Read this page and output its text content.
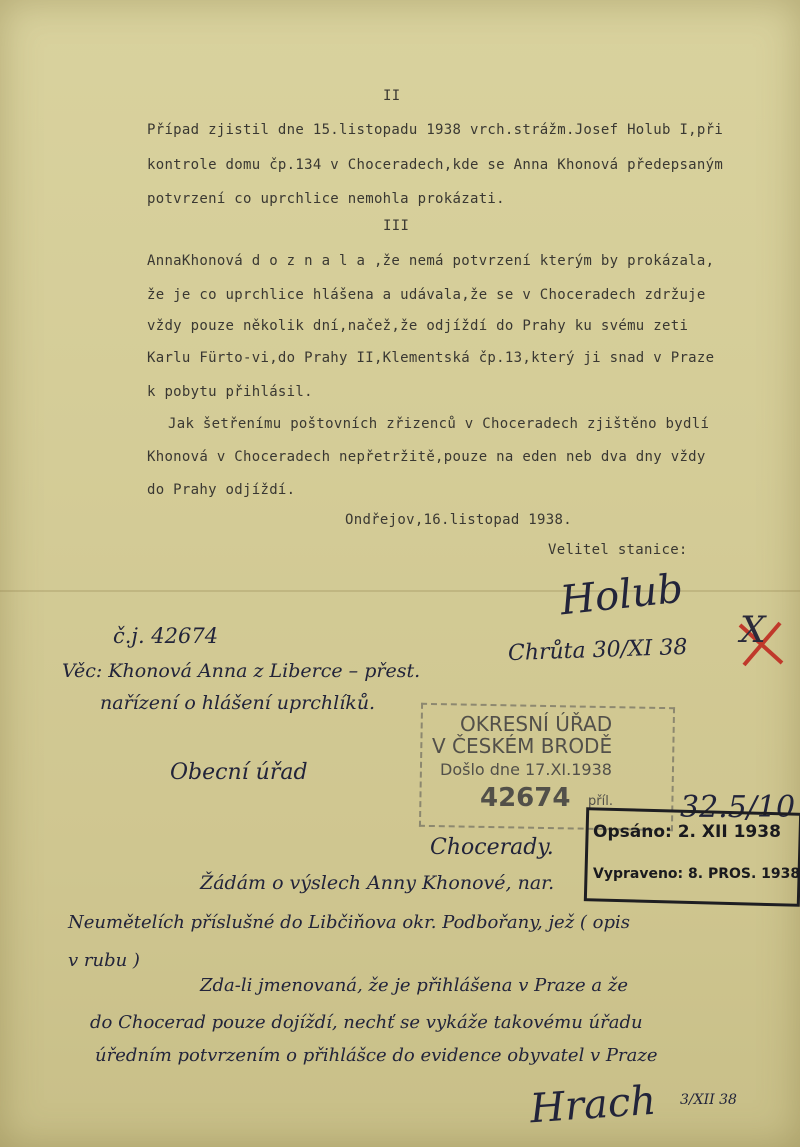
II
Případ zjistil dne 15.listopadu 1938 vrch.strážm.Josef Holub I,při
kontrole domu čp.134 v Choceradech,kde se Anna Khonová předepsaným
potvrzení co uprchlice nemohla prokázati.
III
AnnaKhonová d o z n a l a ,že nemá potvrzení kterým by prokázala,
že je co uprchlice hlášena a udávala,že se v Choceradech zdržuje
vždy pouze několik dní,načež,že odjíždí do Prahy ku svému zeti
Karlu Fürto-vi,do Prahy II,Klementská čp.13,který ji snad v Praze
k pobytu přihlásil.
Jak šetřenímu poštovních zřizenců v Choceradech zjištěno bydlí
Khonová v Choceradech nepřetržitě,pouze na eden neb dva dny vždy
do Prahy odjíždí.
Ondřejov,16.listopad 1938.
Velitel stanice:
Holub
Chrůta 30/XI 38 X
č.j. 42674
Věc: Khonová Anna z Liberce – přest.
nařízení o hlášení uprchlíků.
Obecní úřad
Chocerady.
OKRESNÍ ÚŘAD
V ČESKÉM BRODĚ
Došlo dne 17.XI.1938
42674 příl. 32.5/10
Opsáno: 2. XII 1938
Vypraveno: 8. PROS. 1938
Žádám o výslech Anny Khonové, nar.
Neumětelích příslušné do Libčiňova okr. Podbořany, jež ( opis
v rubu )
Zda-li jmenovaná, že je přihlášena v Praze a že
do Chocerad pouze dojíždí, nechť se vykáže takovému úřadu
úředním potvrzením o přihlášce do evidence obyvatel v Praze
Hrach 3/XII 38
